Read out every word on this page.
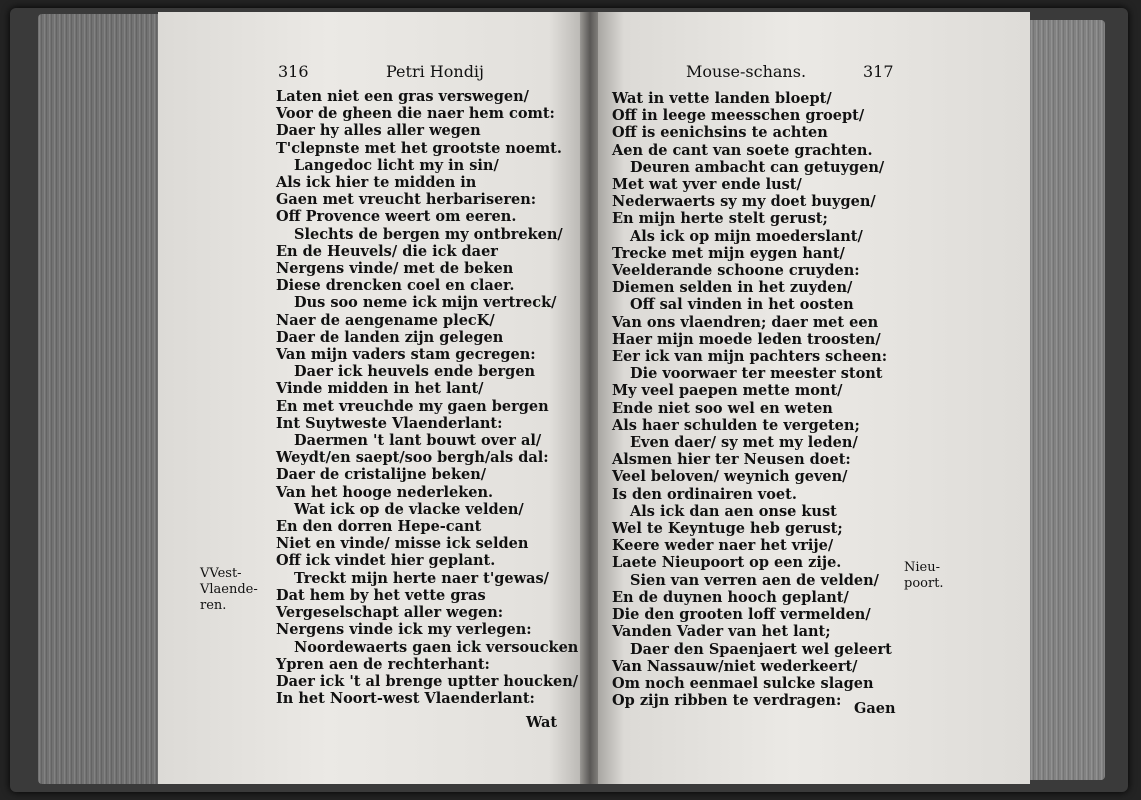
316	Petri Hondij
Laten niet een gras verswegen/
Voor de gheen die naer hem comt:
Daer hy alles aller wegen
T'clepnste met het grootste noemt.
Langedoc licht my in sin/
Als ick hier te midden in
Gaen met vreucht herbariseren:
Off Provence weert om eeren.
Slechts de bergen my ontbreken/
En de Heuvels/ die ick daer
Nergens vinde/ met de beken
Diese drencken coel en claer.
Dus soo neme ick mijn vertreck/
Naer de aengename plecK/
Daer de landen zijn gelegen
Van mijn vaders stam gecregen:
Daer ick heuvels ende bergen
Vinde midden in het lant/
En met vreuchde my gaen bergen
Int Suytweste Vlaenderlant:
Daermen 't lant bouwt over al/
Weydt/en saept/soo bergh/als dal:
Daer de cristalijne beken/
Van het hooge nederleken.
Wat ick op de vlacke velden/
En den dorren Hepe-cant
Niet en vinde/ misse ick selden
Off ick vindet hier geplant.
Treckt mijn herte naer t'gewas/
Dat hem by het vette gras
Vergeselschapt aller wegen:
Nergens vinde ick my verlegen:
Noordewaerts gaen ick versoucken
Ypren aen de rechterhant:
Daer ick 't al brenge uptter houcken/
In het Noort-west Vlaenderlant:
Wat
VVest-
Vlaende-
ren.
Mouse-schans.	317
Wat in vette landen bloept/
Off in leege meesschen groept/
Off is eenichsins te achten
Aen de cant van soete grachten.
Deuren ambacht can getuygen/
Met wat yver ende lust/
Nederwaerts sy my doet buygen/
En mijn herte stelt gerust;
Als ick op mijn moederslant/
Trecke met mijn eygen hant/
Veelderande schoone cruyden:
Diemen selden in het zuyden/
Off sal vinden in het oosten
Van ons vlaendren; daer met een
Haer mijn moede leden troosten/
Eer ick van mijn pachters scheen:
Die voorwaer ter meester stont
My veel paepen mette mont/
Ende niet soo wel en weten
Als haer schulden te vergeten;
Even daer/ sy met my leden/
Alsmen hier ter Neusen doet:
Veel beloven/ weynich geven/
Is den ordinairen voet.
Als ick dan aen onse kust
Wel te Keyntuge heb gerust;
Keere weder naer het vrije/
Laete Nieupoort op een zije.
Sien van verren aen de velden/
En de duynen hooch geplant/
Die den grooten loff vermelden/
Vanden Vader van het lant;
Daer den Spaenjaert wel geleert
Van Nassauw/niet wederkeert/
Om noch eenmael sulcke slagen
Op zijn ribben te verdragen: Gaen
Nieu-
poort.
